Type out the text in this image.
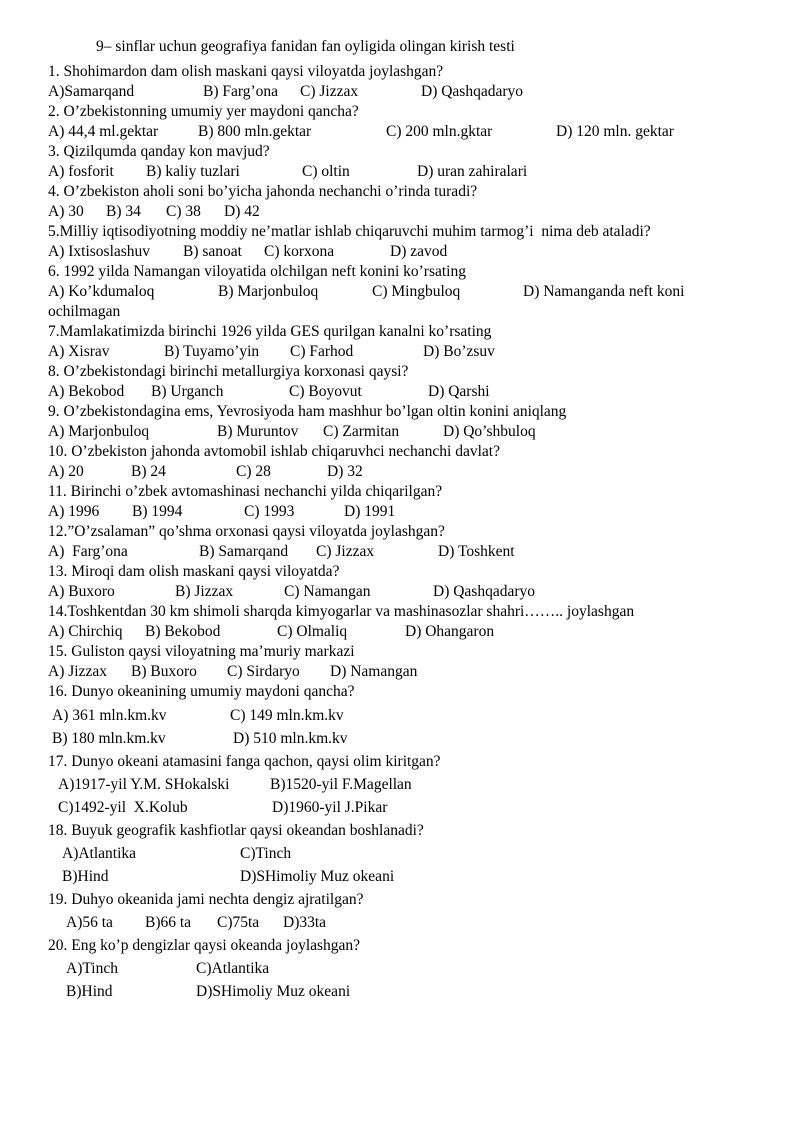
9– sinflar uchun geografiya fanidan fan oyligida olingan kirish testi
1. Shohimardon dam olish maskani qaysi viloyatda joylashgan?
A)Samarqand	B) Farg’ona C) Jizzax	D) Qashqadaryo
2. O’zbekistonning umumiy yer maydoni qancha?
A) 44,4 ml.gektar	B) 800 mln.gektar	C) 200 mln.gktar	D) 120 mln. gektar
3. Qizilqumda qanday kon mavjud?
A) fosforit B) kaliy tuzlari	C) oltin	D) uran zahiralari
4. O’zbekiston aholi soni bo’yicha jahonda nechanchi o’rinda turadi?
A) 30 B) 34 C) 38 D) 42
5.Milliy iqtisodiyotning moddiy ne’matlar ishlab chiqaruvchi muhim tarmog’i  nima deb ataladi?
A) Ixtisoslashuv B) sanoat C) korxona	D) zavod
6. 1992 yilda Namangan viloyatida olchilgan neft konini ko’rsating
A) Ko’kdumaloq	B) Marjonbuloq	C) Mingbuloq	D) Namanganda neft koni
ochilmagan
7.Mamlakatimizda birinchi 1926 yilda GES qurilgan kanalni ko’rsating
A) Xisrav	B) Tuyamo’yin C) Farhod	D) Bo’zsuv
8. O’zbekistondagi birinchi metallurgiya korxonasi qaysi?
A) Bekobod B) Urganch	C) Boyovut	D) Qarshi
9. O’zbekistondagina ems, Yevrosiyoda ham mashhur bo’lgan oltin konini aniqlang
A) Marjonbuloq	B) Muruntov C) Zarmitan	D) Qo’shbuloq
10. O’zbekiston jahonda avtomobil ishlab chiqaruvhci nechanchi davlat?
A) 20	B) 24	C) 28	D) 32
11. Birinchi o’zbek avtomashinasi nechanchi yilda chiqarilgan?
A) 1996 B) 1994	C) 1993	D) 1991
12.”O’zsalaman” qo’shma orxonasi qaysi viloyatda joylashgan?
A)  Farg’ona	B) Samarqand C) Jizzax	D) Toshkent
13. Miroqi dam olish maskani qaysi viloyatda?
A) Buxoro	B) Jizzax	C) Namangan	D) Qashqadaryo
14.Toshkentdan 30 km shimoli sharqda kimyogarlar va mashinasozlar shahri…….. joylashgan
A) Chirchiq B) Bekobod	C) Olmaliq	D) Ohangaron
15. Guliston qaysi viloyatning ma’muriy markazi
A) Jizzax B) Buxoro C) Sirdaryo D) Namangan
16. Dunyo okeanining umumiy maydoni qancha?
A) 361 mln.km.kv	C) 149 mln.km.kv
B) 180 mln.km.kv	D) 510 mln.km.kv
17. Dunyo okeani atamasini fanga qachon, qaysi olim kiritgan?
A)1917-yil Y.M. SHokalski	B)1520-yil F.Magellan
C)1492-yil  X.Kolub	D)1960-yil J.Pikar
18. Buyuk geografik kashfiotlar qaysi okeandan boshlanadi?
A)Atlantika	C)Tinch
B)Hind	D)SHimoliy Muz okeani
19. Duhyo okeanida jami nechta dengiz ajratilgan?
A)56 ta B)66 ta C)75ta D)33ta
20. Eng ko’p dengizlar qaysi okeanda joylashgan?
A)Tinch	C)Atlantika
B)Hind	D)SHimoliy Muz okeani
